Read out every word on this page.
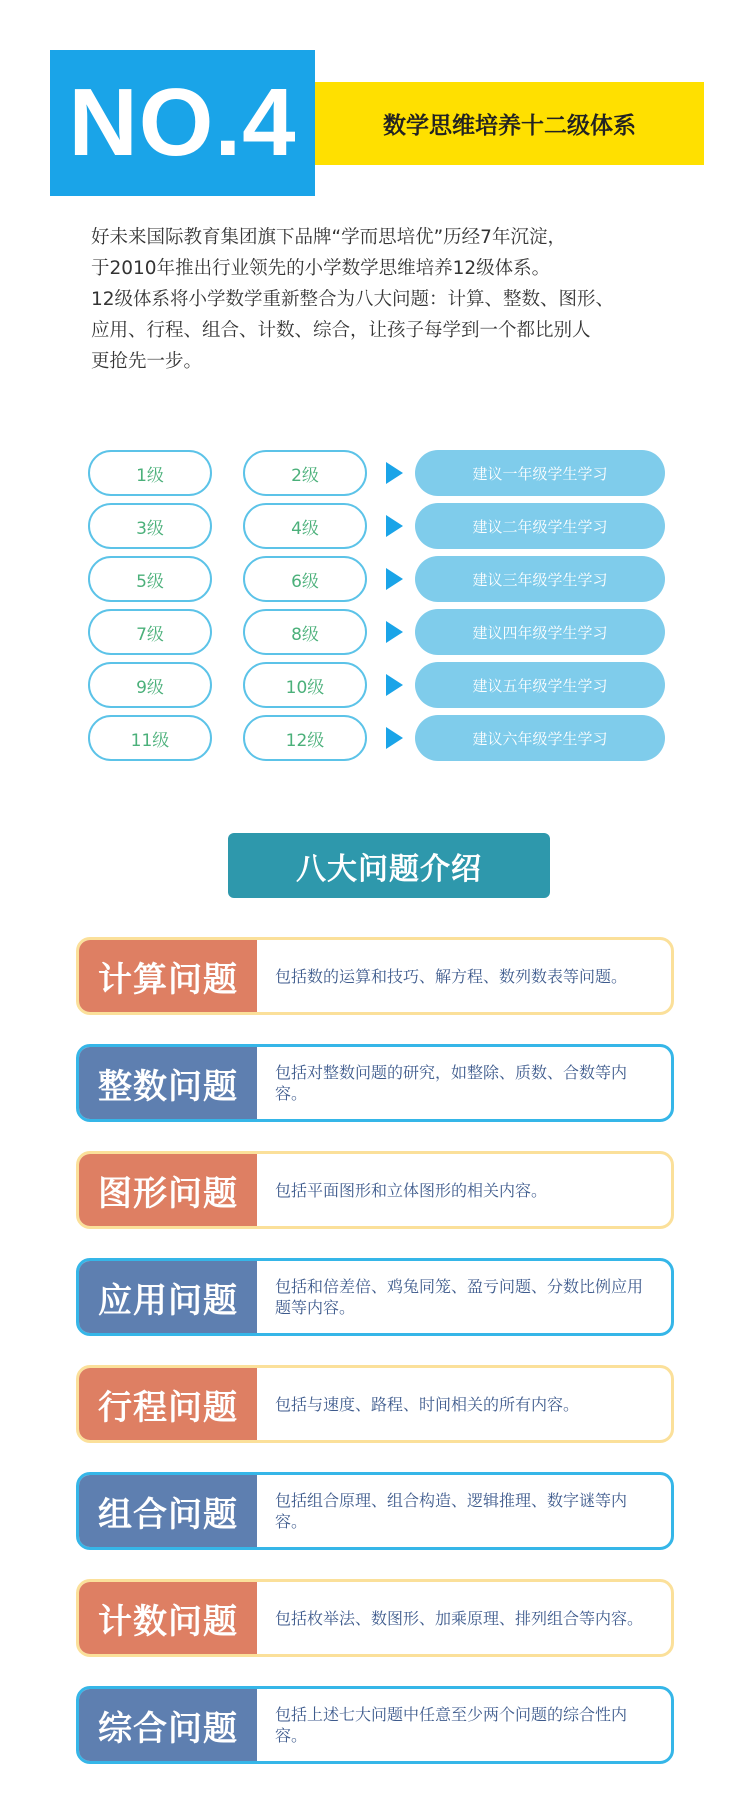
NO.4	数学思维培养十二级体系

好未来国际教育集团旗下品牌“学而思培优”历经7年沉淀，

于2010年推出行业领先的小学数学思维培养12级体系。

12级体系将小学数学重新整合为八大问题：计算、整数、图形、

应用、行程、组合、计数、综合，让孩子每学到一个都比别人

更抢先一步。

1级	2级	建议一年级学生学习
3级	4级	建议二年级学生学习
5级	6级	建议三年级学生学习
7级	8级	建议四年级学生学习
9级	10级	建议五年级学生学习
11级	12级	建议六年级学生学习
八大问题介绍
计算问题	包括数的运算和技巧、解方程、数列数表等问题。
整数问题	包括对整数问题的研究，如整除、质数、合数等内容。
图形问题	包括平面图形和立体图形的相关内容。
应用问题	包括和倍差倍、鸡兔同笼、盈亏问题、分数比例应用题等内容。
行程问题	包括与速度、路程、时间相关的所有内容。
组合问题	包括组合原理、组合构造、逻辑推理、数字谜等内容。
计数问题	包括枚举法、数图形、加乘原理、排列组合等内容。
综合问题	包括上述七大问题中任意至少两个问题的综合性内容。
